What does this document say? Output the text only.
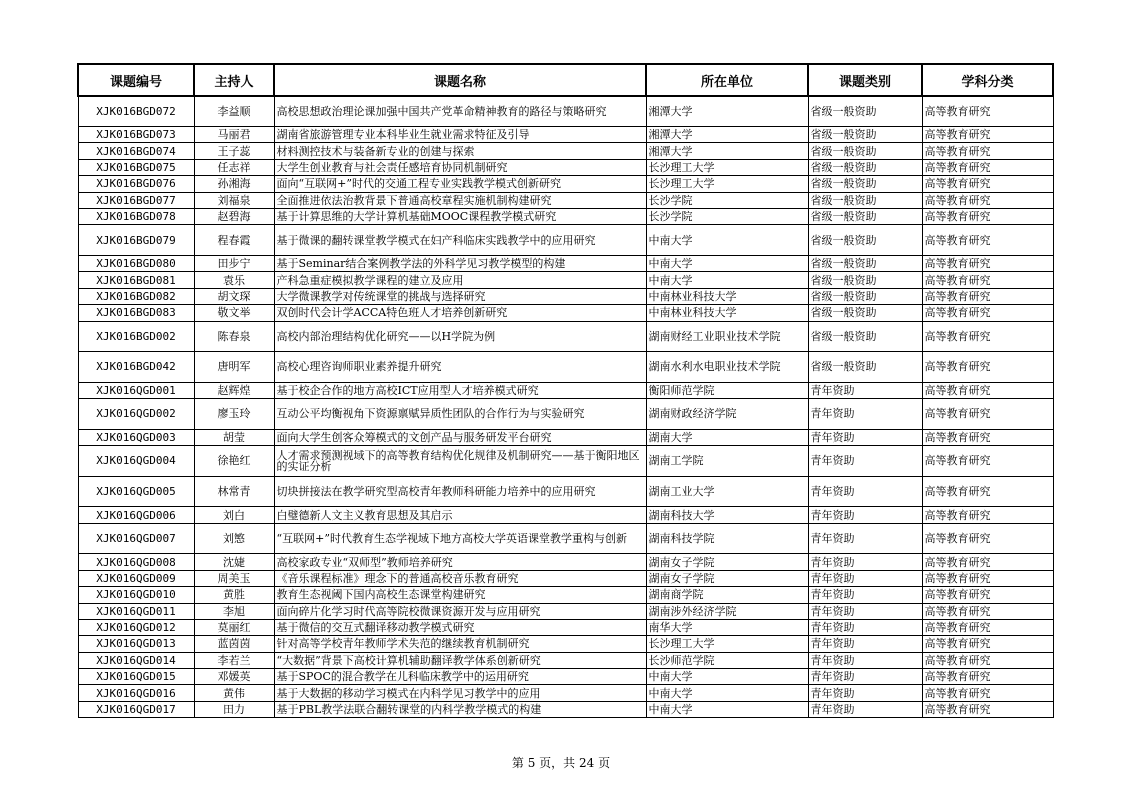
课题编号	主持人	课题名称	所在单位	课题类别	学科分类
XJK016BGD072	李益顺	高校思想政治理论课加强中国共产党革命精神教育的路径与策略研究	湘潭大学	省级一般资助	高等教育研究
XJK016BGD073	马丽君	湖南省旅游管理专业本科毕业生就业需求特征及引导	湘潭大学	省级一般资助	高等教育研究
XJK016BGD074	王子蕊	材料测控技术与装备新专业的创建与探索	湘潭大学	省级一般资助	高等教育研究
XJK016BGD075	任志祥	大学生创业教育与社会责任感培育协同机制研究	长沙理工大学	省级一般资助	高等教育研究
XJK016BGD076	孙湘海	面向“互联网+”时代的交通工程专业实践教学模式创新研究	长沙理工大学	省级一般资助	高等教育研究
XJK016BGD077	刘福泉	全面推进依法治教背景下普通高校章程实施机制构建研究	长沙学院	省级一般资助	高等教育研究
XJK016BGD078	赵碧海	基于计算思维的大学计算机基础MOOC课程教学模式研究	长沙学院	省级一般资助	高等教育研究
XJK016BGD079	程春霞	基于微课的翻转课堂教学模式在妇产科临床实践教学中的应用研究	中南大学	省级一般资助	高等教育研究
XJK016BGD080	田步宁	基于Seminar结合案例教学法的外科学见习教学模型的构建	中南大学	省级一般资助	高等教育研究
XJK016BGD081	袁乐	产科急重症模拟教学课程的建立及应用	中南大学	省级一般资助	高等教育研究
XJK016BGD082	胡文琛	大学微课教学对传统课堂的挑战与选择研究	中南林业科技大学	省级一般资助	高等教育研究
XJK016BGD083	敬文举	双创时代会计学ACCA特色班人才培养创新研究	中南林业科技大学	省级一般资助	高等教育研究
XJK016BGD002	陈春泉	高校内部治理结构优化研究——以H学院为例	湖南财经工业职业技术学院	省级一般资助	高等教育研究
XJK016BGD042	唐明军	高校心理咨询师职业素养提升研究	湖南水利水电职业技术学院	省级一般资助	高等教育研究
XJK016QGD001	赵辉煌	基于校企合作的地方高校ICT应用型人才培养模式研究	衡阳师范学院	青年资助	高等教育研究
XJK016QGD002	廖玉玲	互动公平均衡视角下资源禀赋异质性团队的合作行为与实验研究	湖南财政经济学院	青年资助	高等教育研究
XJK016QGD003	胡莹	面向大学生创客众筹模式的文创产品与服务研发平台研究	湖南大学	青年资助	高等教育研究
XJK016QGD004	徐艳红	人才需求预测视域下的高等教育结构优化规律及机制研究——基于衡阳地区的实证分析	湖南工学院	青年资助	高等教育研究
XJK016QGD005	林常青	切块拼接法在教学研究型高校青年教师科研能力培养中的应用研究	湖南工业大学	青年资助	高等教育研究
XJK016QGD006	刘白	白璧德新人文主义教育思想及其启示	湖南科技大学	青年资助	高等教育研究
XJK016QGD007	刘慜	“互联网+”时代教育生态学视域下地方高校大学英语课堂教学重构与创新	湖南科技学院	青年资助	高等教育研究
XJK016QGD008	沈婕	高校家政专业“双师型”教师培养研究	湖南女子学院	青年资助	高等教育研究
XJK016QGD009	周美玉	《音乐课程标准》理念下的普通高校音乐教育研究	湖南女子学院	青年资助	高等教育研究
XJK016QGD010	黄胜	教育生态视阈下国内高校生态课堂构建研究	湖南商学院	青年资助	高等教育研究
XJK016QGD011	李旭	面向碎片化学习时代高等院校微课资源开发与应用研究	湖南涉外经济学院	青年资助	高等教育研究
XJK016QGD012	莫丽红	基于微信的交互式翻译移动教学模式研究	南华大学	青年资助	高等教育研究
XJK016QGD013	蓝茵茵	针对高等学校青年教师学术失范的继续教育机制研究	长沙理工大学	青年资助	高等教育研究
XJK016QGD014	李若兰	“大数据”背景下高校计算机辅助翻译教学体系创新研究	长沙师范学院	青年资助	高等教育研究
XJK016QGD015	邓媛英	基于SPOC的混合教学在儿科临床教学中的运用研究	中南大学	青年资助	高等教育研究
XJK016QGD016	黄伟	基于大数据的移动学习模式在内科学见习教学中的应用	中南大学	青年资助	高等教育研究
XJK016QGD017	田力	基于PBL教学法联合翻转课堂的内科学教学模式的构建	中南大学	青年资助	高等教育研究
第 5 页，共 24 页
